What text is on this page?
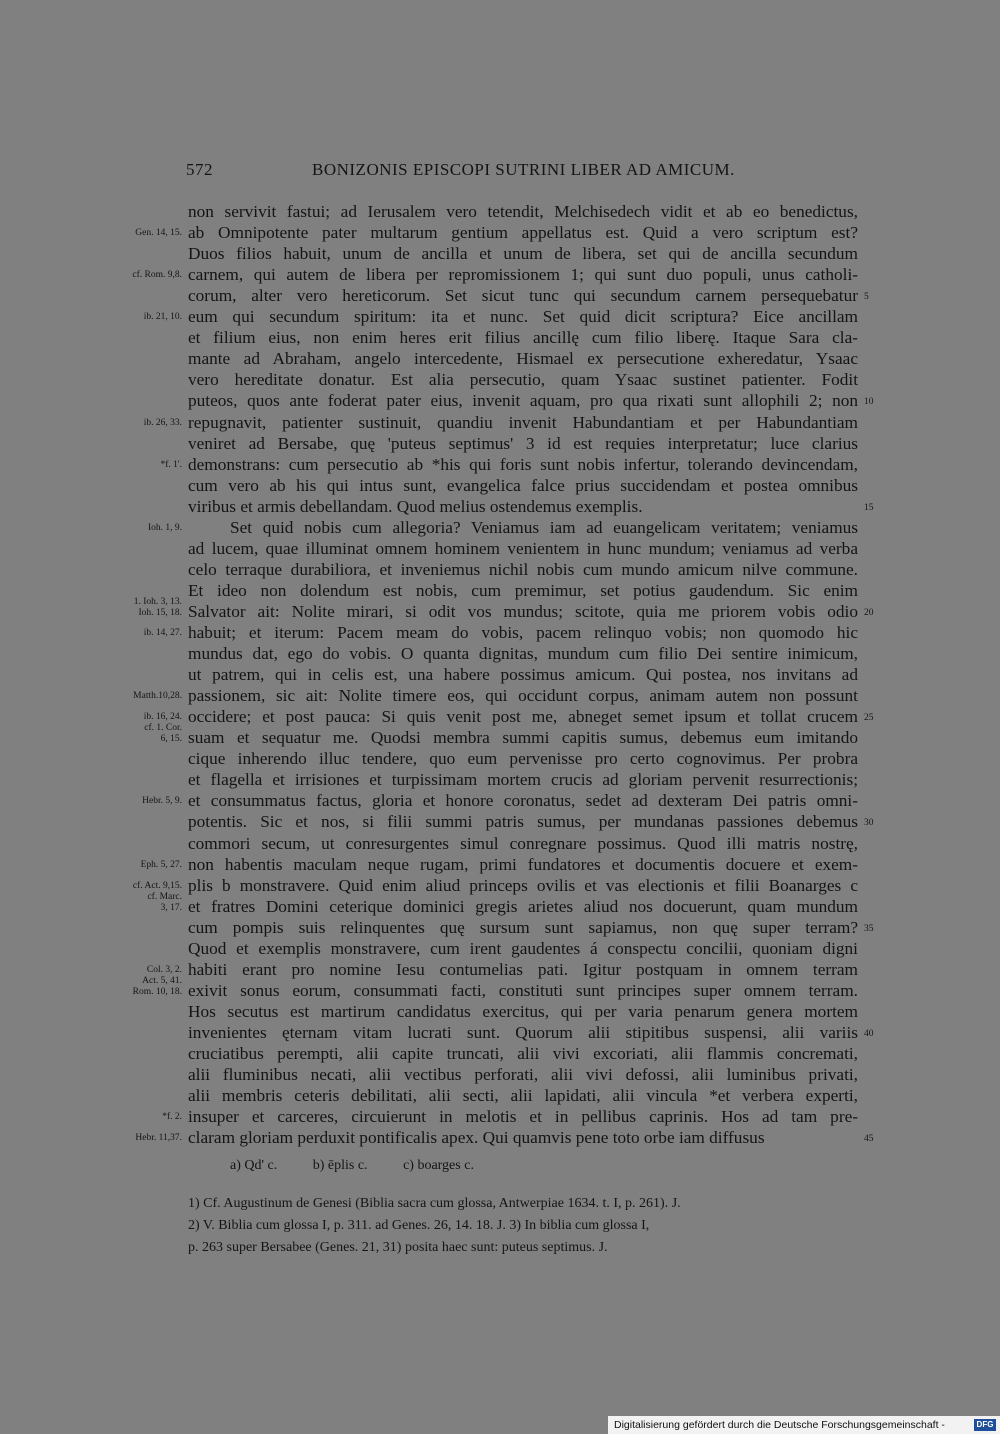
572	BONIZONIS EPISCOPI SUTRINI LIBER AD AMICUM.
non servivit fastui; ad Ierusalem vero tetendit, Melchisedech vidit et ab eo benedictus,
ab Omnipotente pater multarum gentium appellatus est. Quid a vero scriptum est?
Duos filios habuit, unum de ancilla et unum de libera, set qui de ancilla secundum
carnem, qui autem de libera per repromissionem 1; qui sunt duo populi, unus catholi-
corum, alter vero hereticorum. Set sicut tunc qui secundum carnem persequebatur
eum qui secundum spiritum: ita et nunc. Set quid dicit scriptura? Eice ancillam
et filium eius, non enim heres erit filius ancillę cum filio liberę. Itaque Sara cla-
mante ad Abraham, angelo intercedente, Hismael ex persecutione exheredatur, Ysaac
vero hereditate donatur. Est alia persecutio, quam Ysaac sustinet patienter. Fodit
puteos, quos ante foderat pater eius, invenit aquam, pro qua rixati sunt allophili 2; non
repugnavit, patienter sustinuit, quandiu invenit Habundantiam et per Habundantiam
veniret ad Bersabe, quę 'puteus septimus' 3 id est requies interpretatur; luce clarius
demonstrans: cum persecutio ab *his qui foris sunt nobis infertur, tolerando devincendam,
cum vero ab his qui intus sunt, evangelica falce prius succidendam et postea omnibus
viribus et armis debellandam. Quod melius ostendemus exemplis.
Set quid nobis cum allegoria? Veniamus iam ad euangelicam veritatem; veniamus
ad lucem, quae illuminat omnem hominem venientem in hunc mundum; veniamus ad verba
celo terraque durabiliora, et inveniemus nichil nobis cum mundo amicum nilve commune.
Et ideo non dolendum est nobis, cum premimur, set potius gaudendum. Sic enim
Salvator ait: Nolite mirari, si odit vos mundus; scitote, quia me priorem vobis odio
habuit; et iterum: Pacem meam do vobis, pacem relinquo vobis; non quomodo hic
mundus dat, ego do vobis. O quanta dignitas, mundum cum filio Dei sentire inimicum,
ut patrem, qui in celis est, una habere possimus amicum. Qui postea, nos invitans ad
passionem, sic ait: Nolite timere eos, qui occidunt corpus, animam autem non possunt
occidere; et post pauca: Si quis venit post me, abneget semet ipsum et tollat crucem
suam et sequatur me. Quodsi membra summi capitis sumus, debemus eum imitando
cique inherendo illuc tendere, quo eum pervenisse pro certo cognovimus. Per probra
et flagella et irrisiones et turpissimam mortem crucis ad gloriam pervenit resurrectionis;
et consummatus factus, gloria et honore coronatus, sedet ad dexteram Dei patris omni-
potentis. Sic et nos, si filii summi patris sumus, per mundanas passiones debemus
commori secum, ut conresurgentes simul conregnare possimus. Quod illi matris nostrę,
non habentis maculam neque rugam, primi fundatores et documentis docuere et exem-
plis b monstravere. Quid enim aliud princeps ovilis et vas electionis et filii Boanarges c
et fratres Domini ceterique dominici gregis arietes aliud nos docuerunt, quam mundum
cum pompis suis relinquentes quę sursum sunt sapiamus, non quę super terram?
Quod et exemplis monstravere, cum irent gaudentes á conspectu concilii, quoniam digni
habiti erant pro nomine Iesu contumelias pati. Igitur postquam in omnem terram
exivit sonus eorum, consummati facti, constituti sunt principes super omnem terram.
Hos secutus est martirum candidatus exercitus, qui per varia penarum genera mortem
invenientes ęternam vitam lucrati sunt. Quorum alii stipitibus suspensi, alii variis
cruciatibus perempti, alii capite truncati, alii vivi excoriati, alii flammis concremati,
alii fluminibus necati, alii vectibus perforati, alii vivi defossi, alii luminibus privati,
alii membris ceteris debilitati, alii secti, alii lapidati, alii vincula *et verbera experti,
insuper et carceres, circuierunt in melotis et in pellibus caprinis. Hos ad tam pre-
claram gloriam perduxit pontificalis apex. Qui quamvis pene toto orbe iam diffusus
Gen. 14, 15.
cf. Rom. 9,8.
ib. 21, 10.
ib. 26, 33.
*f. 1'.
Ioh. 1, 9.
1. Ioh. 3, 13.
Ioh. 15, 18.
ib. 14, 27.
Matth.10,28.
ib. 16, 24.
cf. 1. Cor.
6, 15.
Hebr. 5, 9.
Eph. 5, 27.
cf. Act. 9,15.
cf. Marc.
3, 17.
Col. 3, 2.
Act. 5, 41.
Rom. 10, 18.
*f. 2.
Hebr. 11,37.
5
10
15
20
25
30
35
40
45
a) Qd' c.	b) ēplis c.	c) boarges c.
1) Cf. Augustinum de Genesi (Biblia sacra cum glossa, Antwerpiae 1634. t. I, p. 261). J.
2) V. Biblia cum glossa I, p. 311. ad Genes. 26, 14. 18. J. 3) In biblia cum glossa I,
p. 263 super Bersabee (Genes. 21, 31) posita haec sunt: puteus septimus. J.
Digitalisierung gefördert durch die Deutsche Forschungsgemeinschaft -	DFG
